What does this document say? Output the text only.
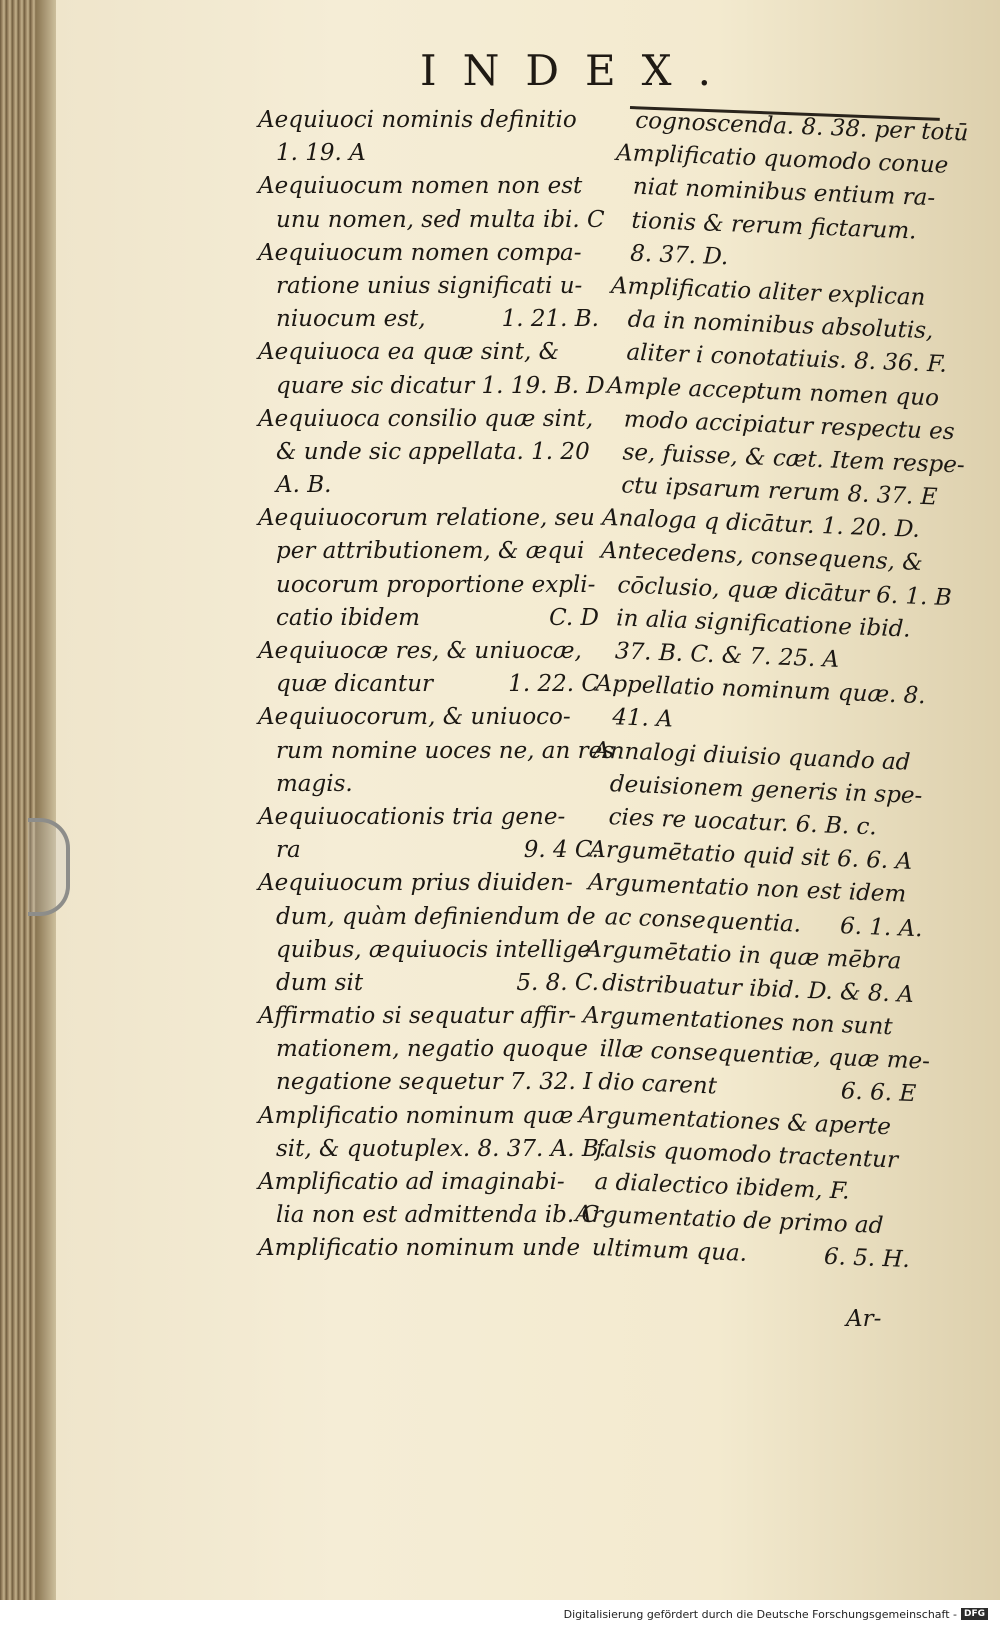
INDEX.
Aequiuoci nominis definitio
1. 19. A
Aequiuocum nomen non est
unu nomen, sed multa ibi. C
Aequiuocum nomen compa-
ratione unius significati u-
niuocum est,	1. 21. B.
Aequiuoca ea quæ sint, &
quare sic dicatur 1. 19. B. D
Aequiuoca consilio quæ sint,
& unde sic appellata. 1. 20
A. B.
Aequiuocorum relatione, seu
per attributionem, & æqui
uocorum proportione expli-
catio ibidem	C. D
Aequiuocæ res, & uniuocæ,
quæ dicantur	1. 22. C
Aequiuocorum, & uniuoco-
rum nomine uoces ne, an res
magis.
Aequiuocationis tria gene-
ra	9. 4 C.
Aequiuocum prius diuiden-
dum, quàm definiendum de
quibus, æquiuocis intellige
dum sit	5. 8. C.
Affirmatio si sequatur affir-
mationem, negatio quoque
negatione sequetur 7. 32. I
Amplificatio nominum quæ
sit, & quotuplex. 8. 37. A. B.
Amplificatio ad imaginabi-
lia non est admittenda ib. C
Amplificatio nominum unde
cognoscenda. 8. 38. per totū
Amplificatio quomodo conue
niat nominibus entium ra-
tionis & rerum fictarum.
8. 37. D.
Amplificatio aliter explican
da in nominibus absolutis,
aliter i conotatiuis. 8. 36. F.
Ample acceptum nomen quo
modo accipiatur respectu es
se, fuisse, & cæt. Item respe-
ctu ipsarum rerum 8. 37. E
Analoga q dicātur. 1. 20. D.
Antecedens, consequens, &
cōclusio, quæ dicātur 6. 1. B
in alia significatione ibid.
37. B. C. & 7. 25. A
Appellatio nominum quæ. 8.
41. A
Annalogi diuisio quando ad
deuisionem generis in spe-
cies re uocatur. 6. B. c.
Argumētatio quid sit 6. 6. A
Argumentatio non est idem
ac consequentia. 6. 1. A.
Argumētatio in quæ mēbra
distribuatur ibid. D. & 8. A
Argumentationes non sunt
illæ consequentiæ, quæ me-
dio carent	6. 6. E
Argumentationes & aperte
falsis quomodo tractentur
a dialectico ibidem, F.
Argumentatio de primo ad
ultimum qua.	6. 5. H.
Ar-
Digitalisierung gefördert durch die Deutsche Forschungsgemeinschaft - DFG
